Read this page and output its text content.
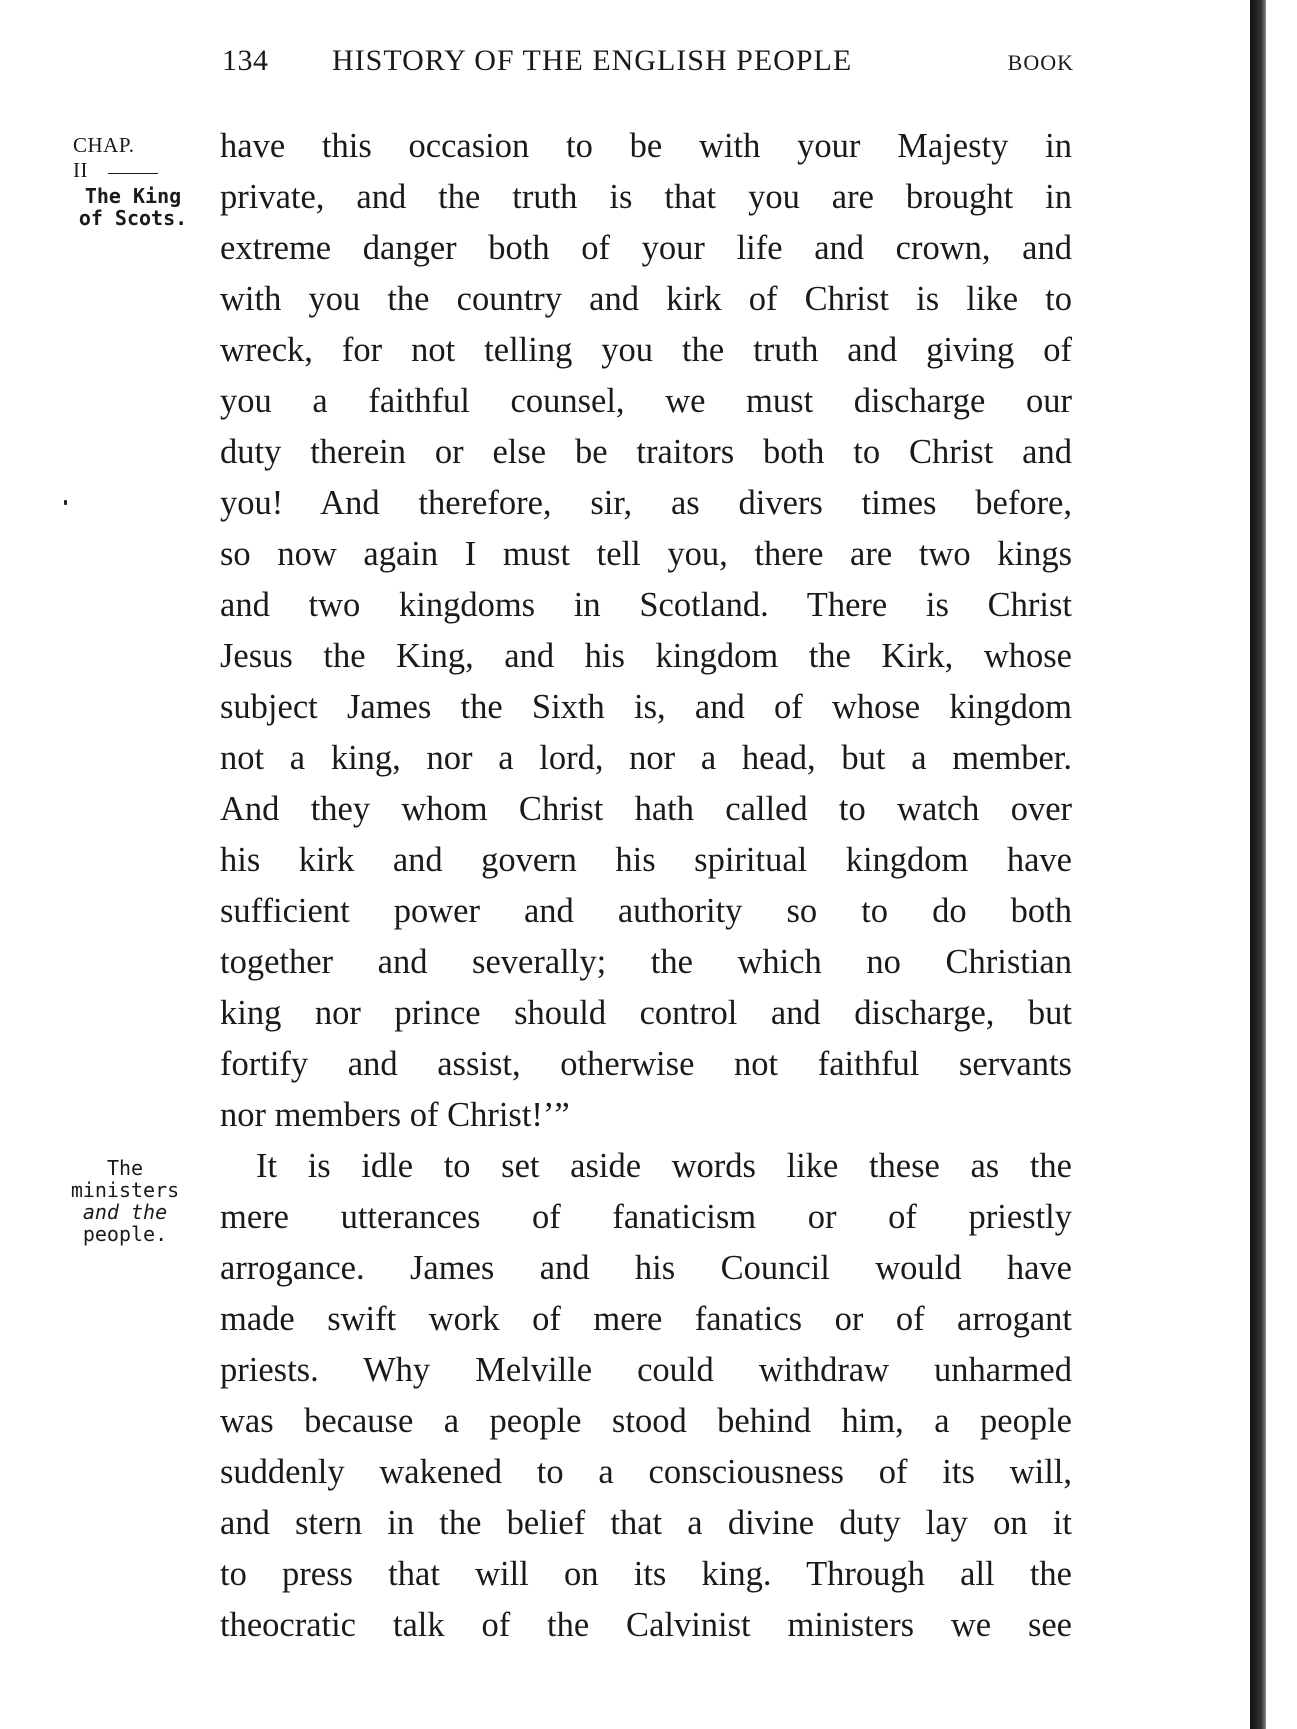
134 HISTORY OF THE ENGLISH PEOPLE	BOOK
CHAP. II
The King
of Scots.
The
ministers
and the
people.
have this occasion to be with your Majesty in
private, and the truth is that you are brought in
extreme danger both of your life and crown, and
with you the country and kirk of Christ is like to
wreck, for not telling you the truth and giving of
you a faithful counsel, we must discharge our
duty therein or else be traitors both to Christ and
you! And therefore, sir, as divers times before,
so now again I must tell you, there are two kings
and two kingdoms in Scotland. There is Christ
Jesus the King, and his kingdom the Kirk, whose
subject James the Sixth is, and of whose kingdom
not a king, nor a lord, nor a head, but a member.
And they whom Christ hath called to watch over
his kirk and govern his spiritual kingdom have
sufficient power and authority so to do both
together and severally; the which no Christian
king nor prince should control and discharge, but
fortify and assist, otherwise not faithful servants
nor members of Christ!’”
It is idle to set aside words like these as the
mere utterances of fanaticism or of priestly
arrogance. James and his Council would have
made swift work of mere fanatics or of arrogant
priests. Why Melville could withdraw unharmed
was because a people stood behind him, a people
suddenly wakened to a consciousness of its will,
and stern in the belief that a divine duty lay on it
to press that will on its king. Through all the
theocratic talk of the Calvinist ministers we see
